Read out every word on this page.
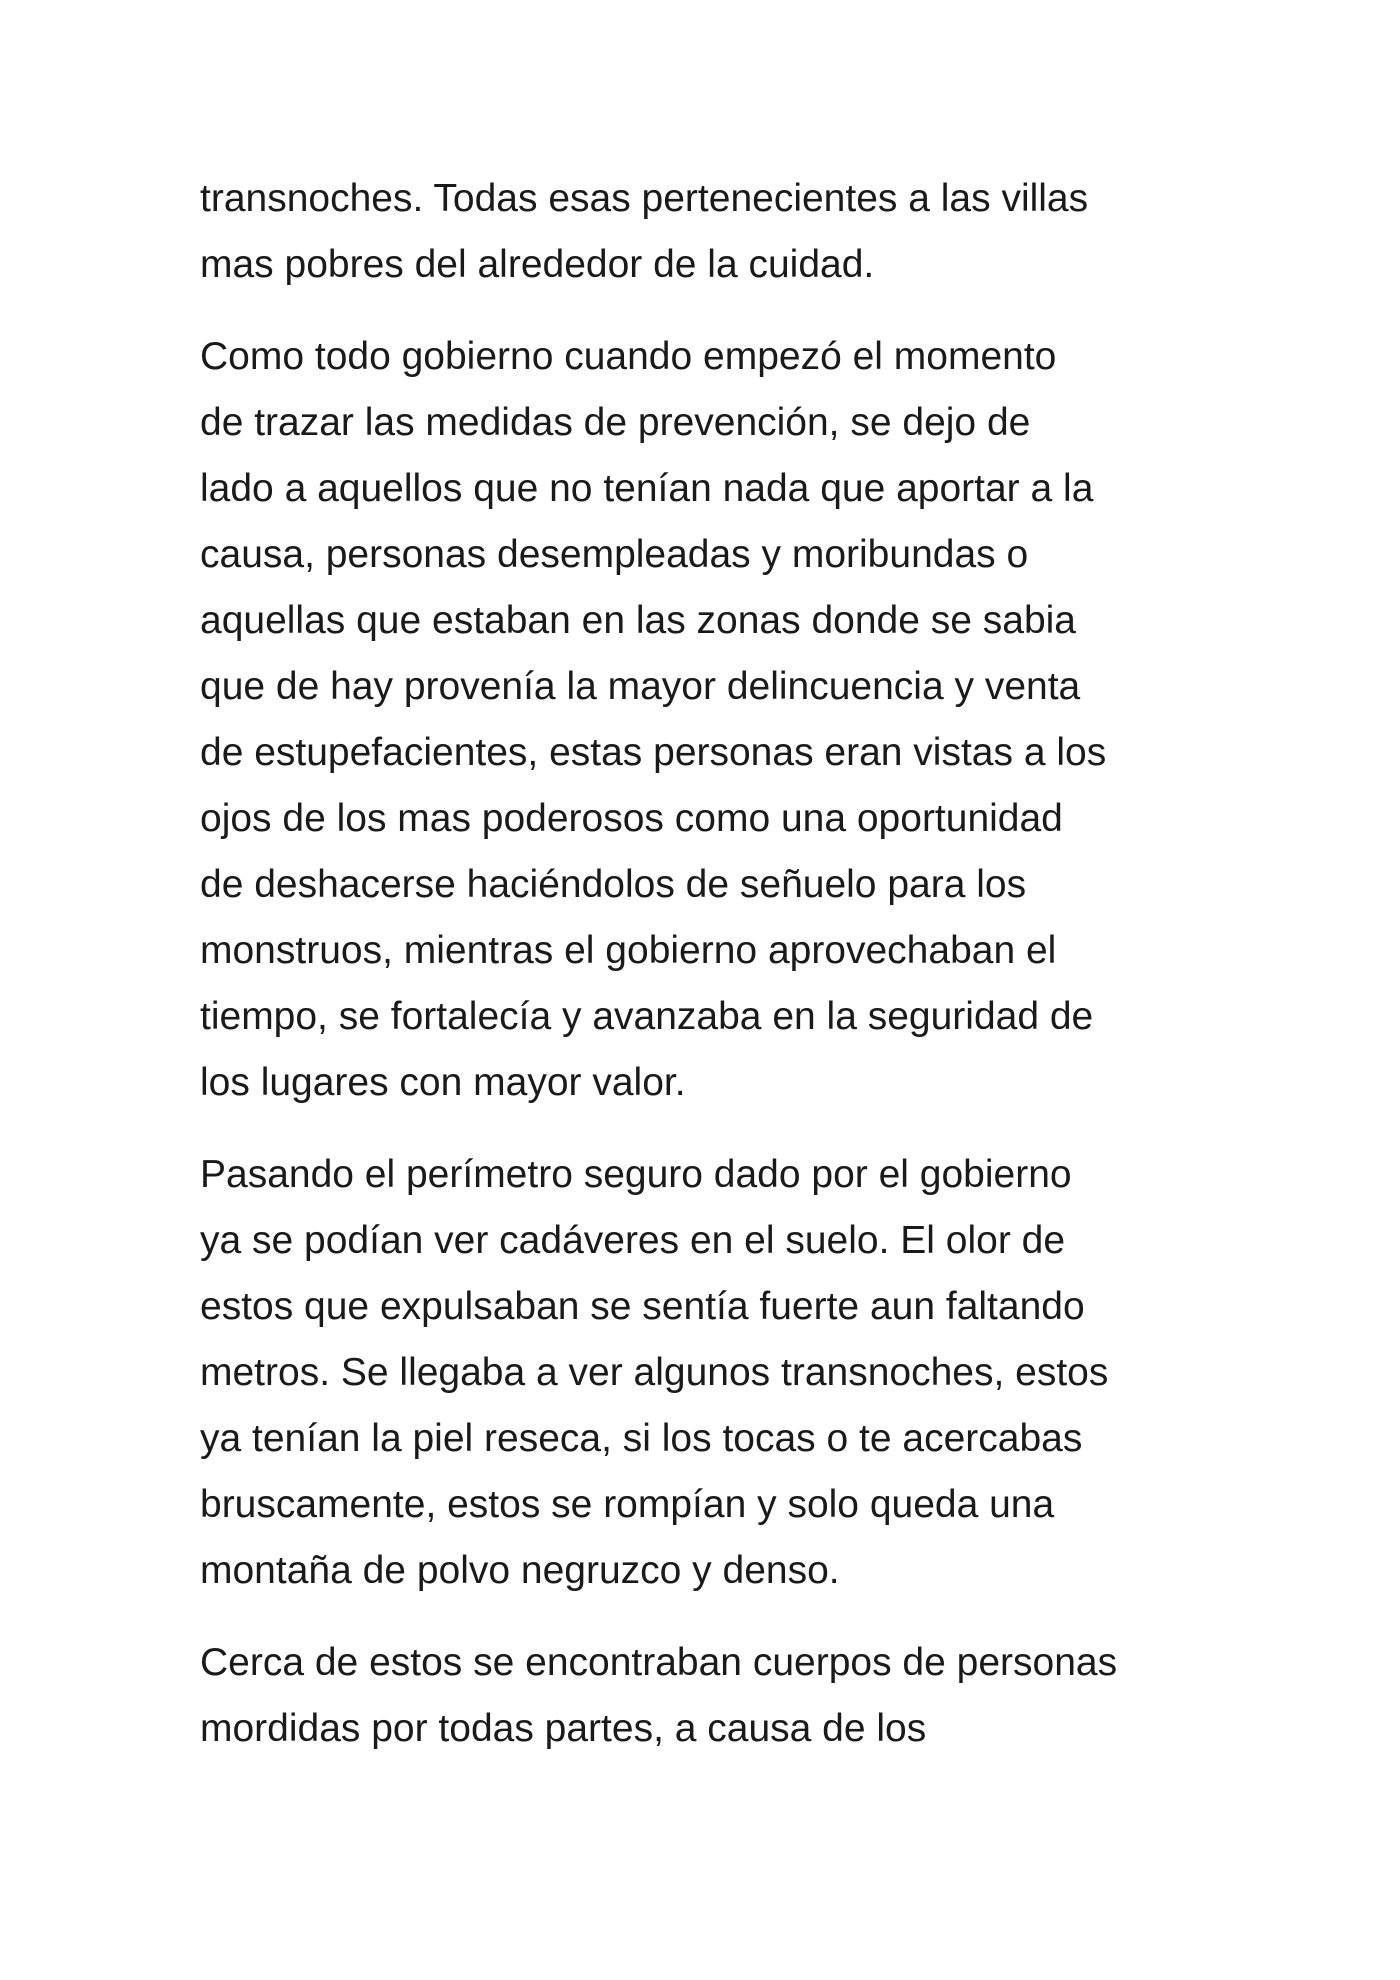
transnoches. Todas esas pertenecientes a las villas
mas pobres del alrededor de la cuidad.

Como todo gobierno cuando empezó el momento
de trazar las medidas de prevención, se dejo de
lado a aquellos que no tenían nada que aportar a la
causa, personas desempleadas y moribundas o
aquellas que estaban en las zonas donde se sabia
que de hay provenía la mayor delincuencia y venta
de estupefacientes, estas personas eran vistas a los
ojos de los mas poderosos como una oportunidad
de deshacerse haciéndolos de señuelo para los
monstruos, mientras el gobierno aprovechaban el
tiempo, se fortalecía y avanzaba en la seguridad de
los lugares con mayor valor.

Pasando el perímetro seguro dado por el gobierno
ya se podían ver cadáveres en el suelo. El olor de
estos que expulsaban se sentía fuerte aun faltando
metros. Se llegaba a ver algunos transnoches, estos
ya tenían la piel reseca, si los tocas o te acercabas
bruscamente, estos se rompían y solo queda una
montaña de polvo negruzco y denso.

Cerca de estos se encontraban cuerpos de personas
mordidas por todas partes, a causa de los
